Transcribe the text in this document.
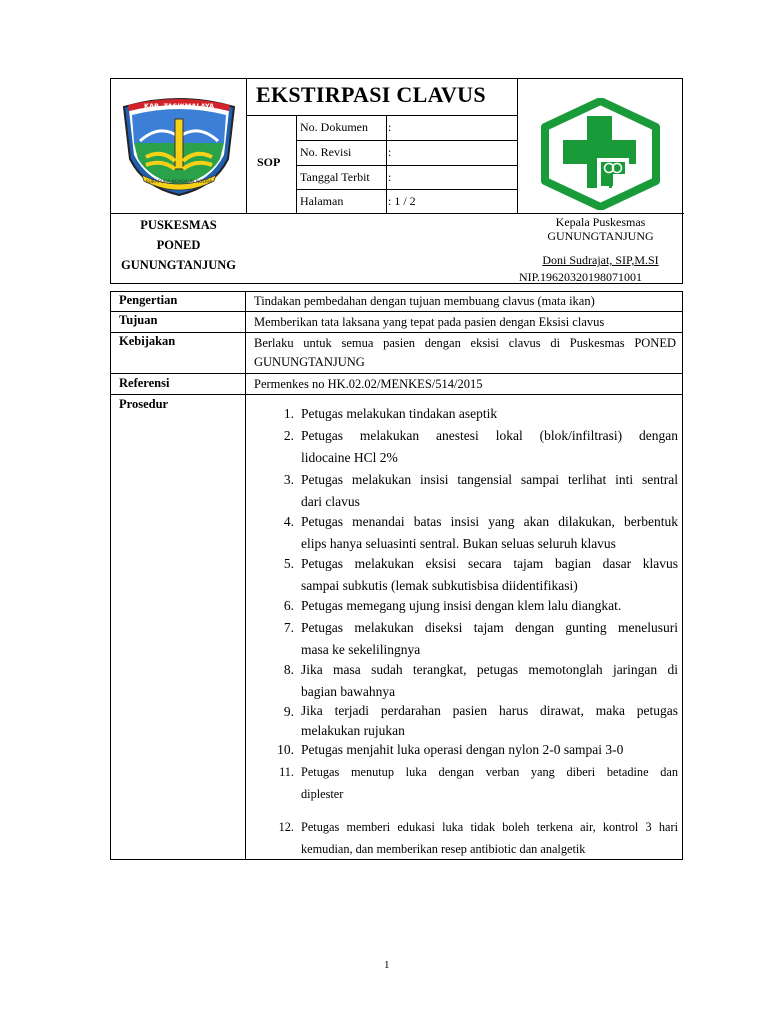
KAB. TASIKMALAYA
SUKAPURA NGADAUN NGORA
EKSTIRPASI CLAVUS
SOP
No. Dokumen :
No. Revisi	:
Tanggal Terbit :
Halaman	: 1 / 2
PUSKESMAS
PONED
GUNUNGTANJUNG
Kepala Puskesmas
GUNUNGTANJUNG
Doni Sudrajat, SIP,M.SI
NIP.19620320198071001
Pengertian	Tindakan pembedahan dengan tujuan membuang clavus (mata ikan)
Tujuan	Memberikan tata laksana yang tepat pada pasien dengan Eksisi clavus
Kebijakan	Berlaku untuk semua pasien dengan eksisi clavus di Puskesmas PONED
GUNUNGTANJUNG
Referensi	Permenkes no HK.02.02/MENKES/514/2015
Prosedur
1. Petugas melakukan tindakan aseptik
2. Petugas melakukan anestesi lokal (blok/infiltrasi) dengan
lidocaine HCl 2%
3. Petugas melakukan insisi tangensial sampai terlihat inti sentral
dari clavus
4. Petugas menandai batas insisi yang akan dilakukan, berbentuk
elips hanya seluasinti sentral. Bukan seluas seluruh klavus
5. Petugas melakukan eksisi secara tajam bagian dasar klavus
sampai subkutis (lemak subkutisbisa diidentifikasi)
6. Petugas memegang ujung insisi dengan klem lalu diangkat.
7. Petugas melakukan diseksi tajam dengan gunting menelusuri
masa ke sekelilingnya
8. Jika masa sudah terangkat, petugas memotonglah jaringan di
bagian bawahnya
9. Jika terjadi perdarahan pasien harus dirawat, maka petugas
melakukan rujukan
10. Petugas menjahit luka operasi dengan nylon 2-0 sampai 3-0
11. Petugas menutup luka dengan verban yang diberi betadine dan
diplester
12. Petugas memberi edukasi luka tidak boleh terkena air, kontrol 3 hari
kemudian, dan memberikan resep antibiotic dan analgetik
1
